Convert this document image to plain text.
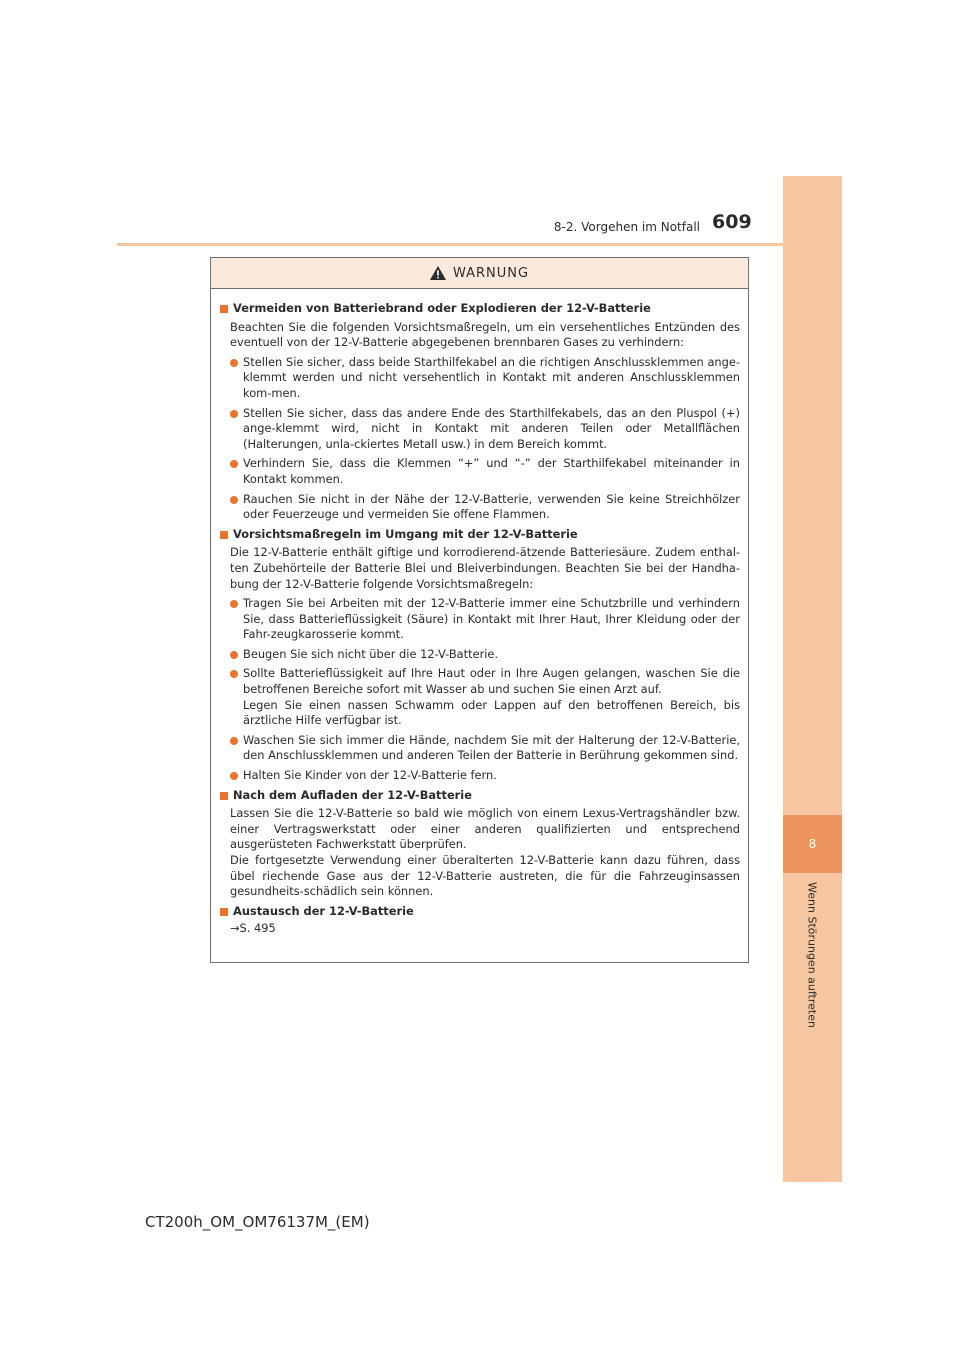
8
Wenn Störungen auftreten
8-2. Vorgehen im Notfall 609
WARNUNG
Vermeiden von Batteriebrand oder Explodieren der 12-V-Batterie
Beachten Sie die folgenden Vorsichtsmaßregeln, um ein versehentliches Entzünden des eventuell von der 12-V-Batterie abgegebenen brennbaren Gases zu verhindern:
Stellen Sie sicher, dass beide Starthilfekabel an die richtigen Anschlussklemmen ange-klemmt werden und nicht versehentlich in Kontakt mit anderen Anschlussklemmen kom-men.
Stellen Sie sicher, dass das andere Ende des Starthilfekabels, das an den Pluspol (+) ange-klemmt wird, nicht in Kontakt mit anderen Teilen oder Metallflächen (Halterungen, unla-ckiertes Metall usw.) in dem Bereich kommt.
Verhindern Sie, dass die Klemmen “+” und “-” der Starthilfekabel miteinander in Kontakt kommen.
Rauchen Sie nicht in der Nähe der 12-V-Batterie, verwenden Sie keine Streichhölzer oder Feuerzeuge und vermeiden Sie offene Flammen.
Vorsichtsmaßregeln im Umgang mit der 12-V-Batterie
Die 12-V-Batterie enthält giftige und korrodierend-ätzende Batteriesäure. Zudem enthal-ten Zubehörteile der Batterie Blei und Bleiverbindungen. Beachten Sie bei der Handha-bung der 12-V-Batterie folgende Vorsichtsmaßregeln:
Tragen Sie bei Arbeiten mit der 12-V-Batterie immer eine Schutzbrille und verhindern Sie, dass Batterieflüssigkeit (Säure) in Kontakt mit Ihrer Haut, Ihrer Kleidung oder der Fahr-zeugkarosserie kommt.
Beugen Sie sich nicht über die 12-V-Batterie.
Sollte Batterieflüssigkeit auf Ihre Haut oder in Ihre Augen gelangen, waschen Sie die betroffenen Bereiche sofort mit Wasser ab und suchen Sie einen Arzt auf.
Legen Sie einen nassen Schwamm oder Lappen auf den betroffenen Bereich, bis ärztliche Hilfe verfügbar ist.
Waschen Sie sich immer die Hände, nachdem Sie mit der Halterung der 12-V-Batterie, den Anschlussklemmen und anderen Teilen der Batterie in Berührung gekommen sind.
Halten Sie Kinder von der 12-V-Batterie fern.
Nach dem Aufladen der 12-V-Batterie
Lassen Sie die 12-V-Batterie so bald wie möglich von einem Lexus-Vertragshändler bzw. einer Vertragswerkstatt oder einer anderen qualifizierten und entsprechend ausgerüsteten Fachwerkstatt überprüfen.
Die fortgesetzte Verwendung einer überalterten 12-V-Batterie kann dazu führen, dass übel riechende Gase aus der 12-V-Batterie austreten, die für die Fahrzeuginsassen gesundheits-schädlich sein können.
Austausch der 12-V-Batterie
→S. 495
CT200h_OM_OM76137M_(EM)
